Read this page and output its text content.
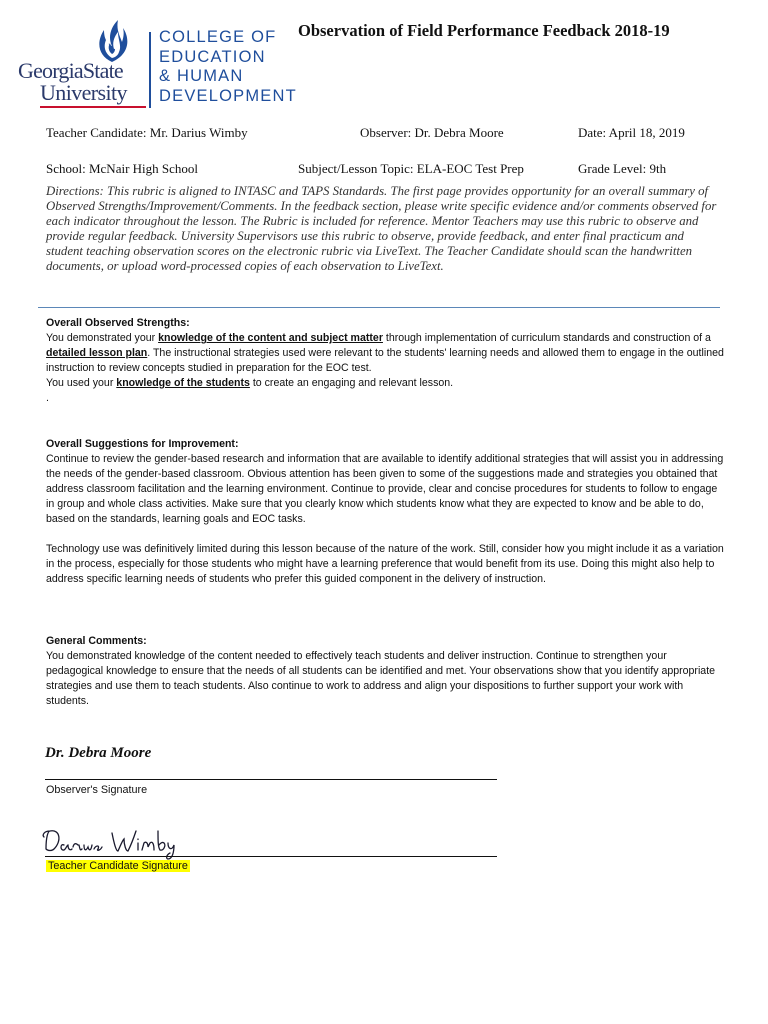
GeorgiaState
University
COLLEGE OF
EDUCATION
& HUMAN
DEVELOPMENT
Observation of Field Performance Feedback 2018-19
Teacher Candidate: Mr. Darius Wimby	Observer: Dr. Debra Moore	Date: April 18, 2019
School: McNair High School	Subject/Lesson Topic: ELA-EOC Test Prep	Grade Level: 9th
Directions: This rubric is aligned to INTASC and TAPS Standards. The first page provides opportunity for an overall summary of Observed Strengths/Improvement/Comments. In the feedback section, please write specific evidence and/or comments observed for each indicator throughout the lesson. The Rubric is included for reference. Mentor Teachers may use this rubric to observe and provide regular feedback. University Supervisors use this rubric to observe, provide feedback, and enter final practicum and student teaching observation scores on the electronic rubric via LiveText. The Teacher Candidate should scan the handwritten documents, or upload word-processed copies of each observation to LiveText.

Overall Observed Strengths:

You demonstrated your knowledge of the content and subject matter through implementation of curriculum standards and construction of a detailed lesson plan. The instructional strategies used were relevant to the students' learning needs and allowed them to engage in the outlined instruction to review concepts studied in preparation for the EOC test.

You used your knowledge of the students to create an engaging and relevant lesson.

.

Overall Suggestions for Improvement:

Continue to review the gender-based research and information that are available to identify additional strategies that will assist you in addressing the needs of the gender-based classroom. Obvious attention has been given to some of the suggestions made and strategies you obtained that address classroom facilitation and the learning environment. Continue to provide, clear and concise procedures for students to follow to engage in group and whole class activities. Make sure that you clearly know which students know what they are expected to know and be able to do, based on the standards, learning goals and EOC tasks.

Technology use was definitively limited during this lesson because of the nature of the work. Still, consider how you might include it as a variation in the process, especially for those students who might have a learning preference that would benefit from its use. Doing this might also help to address specific learning needs of students who prefer this guided component in the delivery of instruction.

General Comments:

You demonstrated knowledge of the content needed to effectively teach students and deliver instruction. Continue to strengthen your pedagogical knowledge to ensure that the needs of all students can be identified and met. Your observations show that you identify appropriate strategies and use them to teach students. Also continue to work to address and align your dispositions to further support your work with students.

Dr. Debra Moore
Observer's Signature
Teacher Candidate Signature
